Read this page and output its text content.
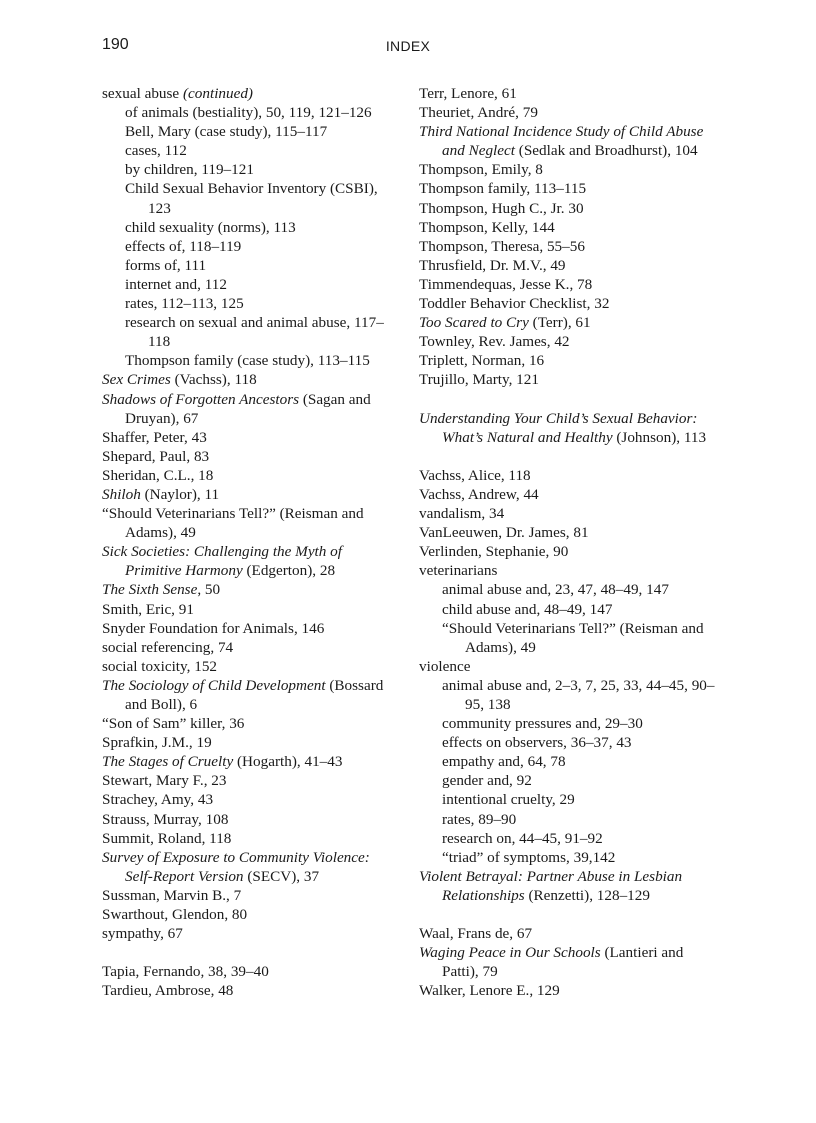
190	INDEX
sexual abuse (continued)
of animals (bestiality), 50, 119, 121–126
Bell, Mary (case study), 115–117
cases, 112
by children, 119–121
Child Sexual Behavior Inventory (CSBI), 123
child sexuality (norms), 113
effects of, 118–119
forms of, 111
internet and, 112
rates, 112–113, 125
research on sexual and animal abuse, 117–118
Thompson family (case study), 113–115
Sex Crimes (Vachss), 118
Shadows of Forgotten Ancestors (Sagan and Druyan), 67
Shaffer, Peter, 43
Shepard, Paul, 83
Sheridan, C.L., 18
Shiloh (Naylor), 11
“Should Veterinarians Tell?” (Reisman and Adams), 49
Sick Societies: Challenging the Myth of Primitive Harmony (Edgerton), 28
The Sixth Sense, 50
Smith, Eric, 91
Snyder Foundation for Animals, 146
social referencing, 74
social toxicity, 152
The Sociology of Child Development (Bossard and Boll), 6
“Son of Sam” killer, 36
Sprafkin, J.M., 19
The Stages of Cruelty (Hogarth), 41–43
Stewart, Mary F., 23
Strachey, Amy, 43
Strauss, Murray, 108
Summit, Roland, 118
Survey of Exposure to Community Violence: Self-Report Version (SECV), 37
Sussman, Marvin B., 7
Swarthout, Glendon, 80
sympathy, 67
Tapia, Fernando, 38, 39–40
Tardieu, Ambrose, 48
Terr, Lenore, 61
Theuriet, André, 79
Third National Incidence Study of Child Abuse and Neglect (Sedlak and Broadhurst), 104
Thompson, Emily, 8
Thompson family, 113–115
Thompson, Hugh C., Jr. 30
Thompson, Kelly, 144
Thompson, Theresa, 55–56
Thrusfield, Dr. M.V., 49
Timmendequas, Jesse K., 78
Toddler Behavior Checklist, 32
Too Scared to Cry (Terr), 61
Townley, Rev. James, 42
Triplett, Norman, 16
Trujillo, Marty, 121
Understanding Your Child’s Sexual Behavior: What’s Natural and Healthy (Johnson), 113
Vachss, Alice, 118
Vachss, Andrew, 44
vandalism, 34
VanLeeuwen, Dr. James, 81
Verlinden, Stephanie, 90
veterinarians
animal abuse and, 23, 47, 48–49, 147
child abuse and, 48–49, 147
“Should Veterinarians Tell?” (Reisman and Adams), 49
violence
animal abuse and, 2–3, 7, 25, 33, 44–45, 90–95, 138
community pressures and, 29–30
effects on observers, 36–37, 43
empathy and, 64, 78
gender and, 92
intentional cruelty, 29
rates, 89–90
research on, 44–45, 91–92
“triad” of symptoms, 39,142
Violent Betrayal: Partner Abuse in Lesbian Relationships (Renzetti), 128–129
Waal, Frans de, 67
Waging Peace in Our Schools (Lantieri and Patti), 79
Walker, Lenore E., 129
